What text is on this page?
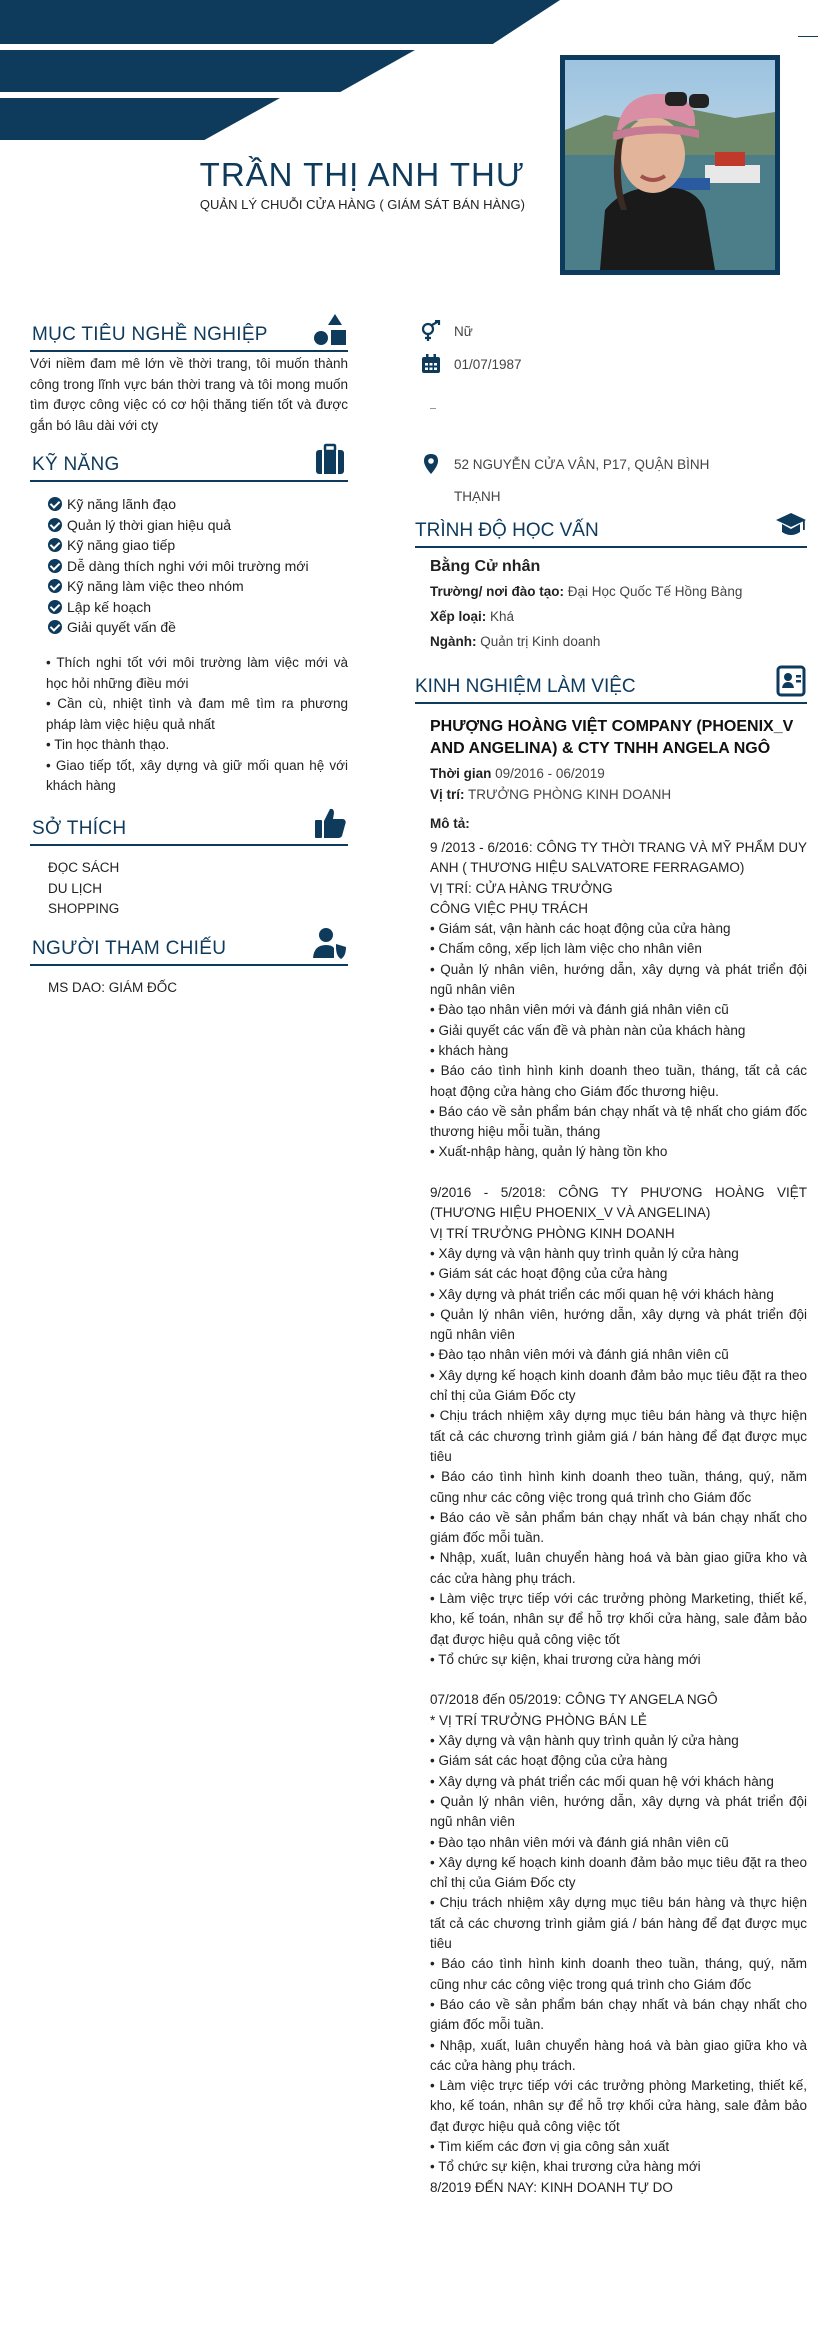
TRẦN THỊ ANH THƯ
QUẢN LÝ CHUỖI CỬA HÀNG ( GIÁM SÁT BÁN HÀNG)
MỤC TIÊU NGHỀ NGHIỆP
Với niềm đam mê lớn về thời trang, tôi muốn thành công trong lĩnh vực bán thời trang và tôi mong muốn tìm được công việc có cơ hội thăng tiến tốt và được gắn bó lâu dài với cty
KỸ NĂNG
Kỹ năng lãnh đạo
Quản lý thời gian hiệu quả
Kỹ năng giao tiếp
Dễ dàng thích nghi với môi trường mới
Kỹ năng làm việc theo nhóm
Lập kế hoạch
Giải quyết vấn đề
• Thích nghi tốt với môi trường làm việc mới và học hỏi những điều mới
• Cần cù, nhiệt tình và đam mê tìm ra phương pháp làm việc hiệu quả nhất
• Tin học thành thạo.
• Giao tiếp tốt, xây dựng và giữ mối quan hệ với khách hàng
SỞ THÍCH
ĐỌC SÁCH
DU LỊCH
SHOPPING
NGƯỜI THAM CHIẾU
MS DAO: GIÁM ĐỐC
Nữ
01/07/1987
52 NGUYỄN CỬA VÂN, P17, QUẬN BÌNH THẠNH
TRÌNH ĐỘ HỌC VẤN
Bằng Cử nhân
Trường/ nơi đào tạo: Đại Học Quốc Tế Hồng Bàng
Xếp loại: Khá
Ngành: Quản trị Kinh doanh
KINH NGHIỆM LÀM VIỆC
PHƯỢNG HOÀNG VIỆT COMPANY (PHOENIX_V AND ANGELINA) & CTY TNHH ANGELA NGÔ
Thời gian 09/2016 - 06/2019
Vị trí: TRƯỞNG PHÒNG KINH DOANH
Mô tả:
9 /2013 - 6/2016: CÔNG TY THỜI TRANG VÀ MỸ PHẨM DUY ANH ( THƯƠNG HIỆU SALVATORE FERRAGAMO)
VỊ TRÍ: CỬA HÀNG TRƯỞNG
CÔNG VIỆC PHỤ TRÁCH
• Giám sát, vận hành các hoạt động của cửa hàng
• Chấm công, xếp lịch làm việc cho nhân viên
• Quản lý nhân viên, hướng dẫn, xây dựng và phát triển đội ngũ nhân viên
• Đào tạo nhân viên mới và đánh giá nhân viên cũ
• Giải quyết các vấn đề và phàn nàn của khách hàng
• khách hàng
• Báo cáo tình hình kinh doanh theo tuần, tháng, tất cả các hoạt động cửa hàng cho Giám đốc thương hiệu.
• Báo cáo về sản phẩm bán chạy nhất và tệ nhất cho giám đốc thương hiệu mỗi tuần, tháng
• Xuất-nhập hàng, quản lý hàng tồn kho

9/2016 - 5/2018: CÔNG TY PHƯƠNG HOÀNG VIỆT (THƯƠNG HIỆU PHOENIX_V VÀ ANGELINA)
VỊ TRÍ TRƯỞNG PHÒNG KINH DOANH
• Xây dựng và vận hành quy trình quản lý cửa hàng
• Giám sát các hoạt động của cửa hàng
• Xây dựng và phát triển các mối quan hệ với khách hàng
• Quản lý nhân viên, hướng dẫn, xây dựng và phát triển đội ngũ nhân viên
• Đào tạo nhân viên mới và đánh giá nhân viên cũ
• Xây dựng kế hoạch kinh doanh đảm bảo mục tiêu đặt ra theo chỉ thị của Giám Đốc cty
• Chịu trách nhiệm xây dựng mục tiêu bán hàng và thực hiện tất cả các chương trình giảm giá / bán hàng để đạt được mục tiêu
• Báo cáo tình hình kinh doanh theo tuần, tháng, quý, năm cũng như các công việc trong quá trình cho Giám đốc
• Báo cáo về sản phẩm bán chạy nhất và bán chạy nhất cho giám đốc mỗi tuần.
• Nhập, xuất, luân chuyển hàng hoá và bàn giao giữa kho và các cửa hàng phụ trách.
• Làm việc trực tiếp với các trưởng phòng Marketing, thiết kế, kho, kế toán, nhân sự để hỗ trợ khối cửa hàng, sale đảm bảo đạt được hiệu quả công việc tốt
• Tổ chức sự kiện, khai trương cửa hàng mới

07/2018 đến 05/2019: CÔNG TY ANGELA NGÔ
* VỊ TRÍ TRƯỞNG PHÒNG BÁN LẺ
• Xây dựng và vận hành quy trình quản lý cửa hàng
• Giám sát các hoạt động của cửa hàng
• Xây dựng và phát triển các mối quan hệ với khách hàng
• Quản lý nhân viên, hướng dẫn, xây dựng và phát triển đội ngũ nhân viên
• Đào tạo nhân viên mới và đánh giá nhân viên cũ
• Xây dựng kế hoạch kinh doanh đảm bảo mục tiêu đặt ra theo chỉ thị của Giám Đốc cty
• Chịu trách nhiệm xây dựng mục tiêu bán hàng và thực hiện tất cả các chương trình giảm giá / bán hàng để đạt được mục tiêu
• Báo cáo tình hình kinh doanh theo tuần, tháng, quý, năm cũng như các công việc trong quá trình cho Giám đốc
• Báo cáo về sản phẩm bán chạy nhất và bán chạy nhất cho giám đốc mỗi tuần.
• Nhập, xuất, luân chuyển hàng hoá và bàn giao giữa kho và các cửa hàng phụ trách.
• Làm việc trực tiếp với các trưởng phòng Marketing, thiết kế, kho, kế toán, nhân sự để hỗ trợ khối cửa hàng, sale đảm bảo đạt được hiệu quả công việc tốt
• Tìm kiếm các đơn vị gia công sản xuất
• Tổ chức sự kiện, khai trương cửa hàng mới
8/2019 ĐẾN NAY: KINH DOANH TỰ DO
